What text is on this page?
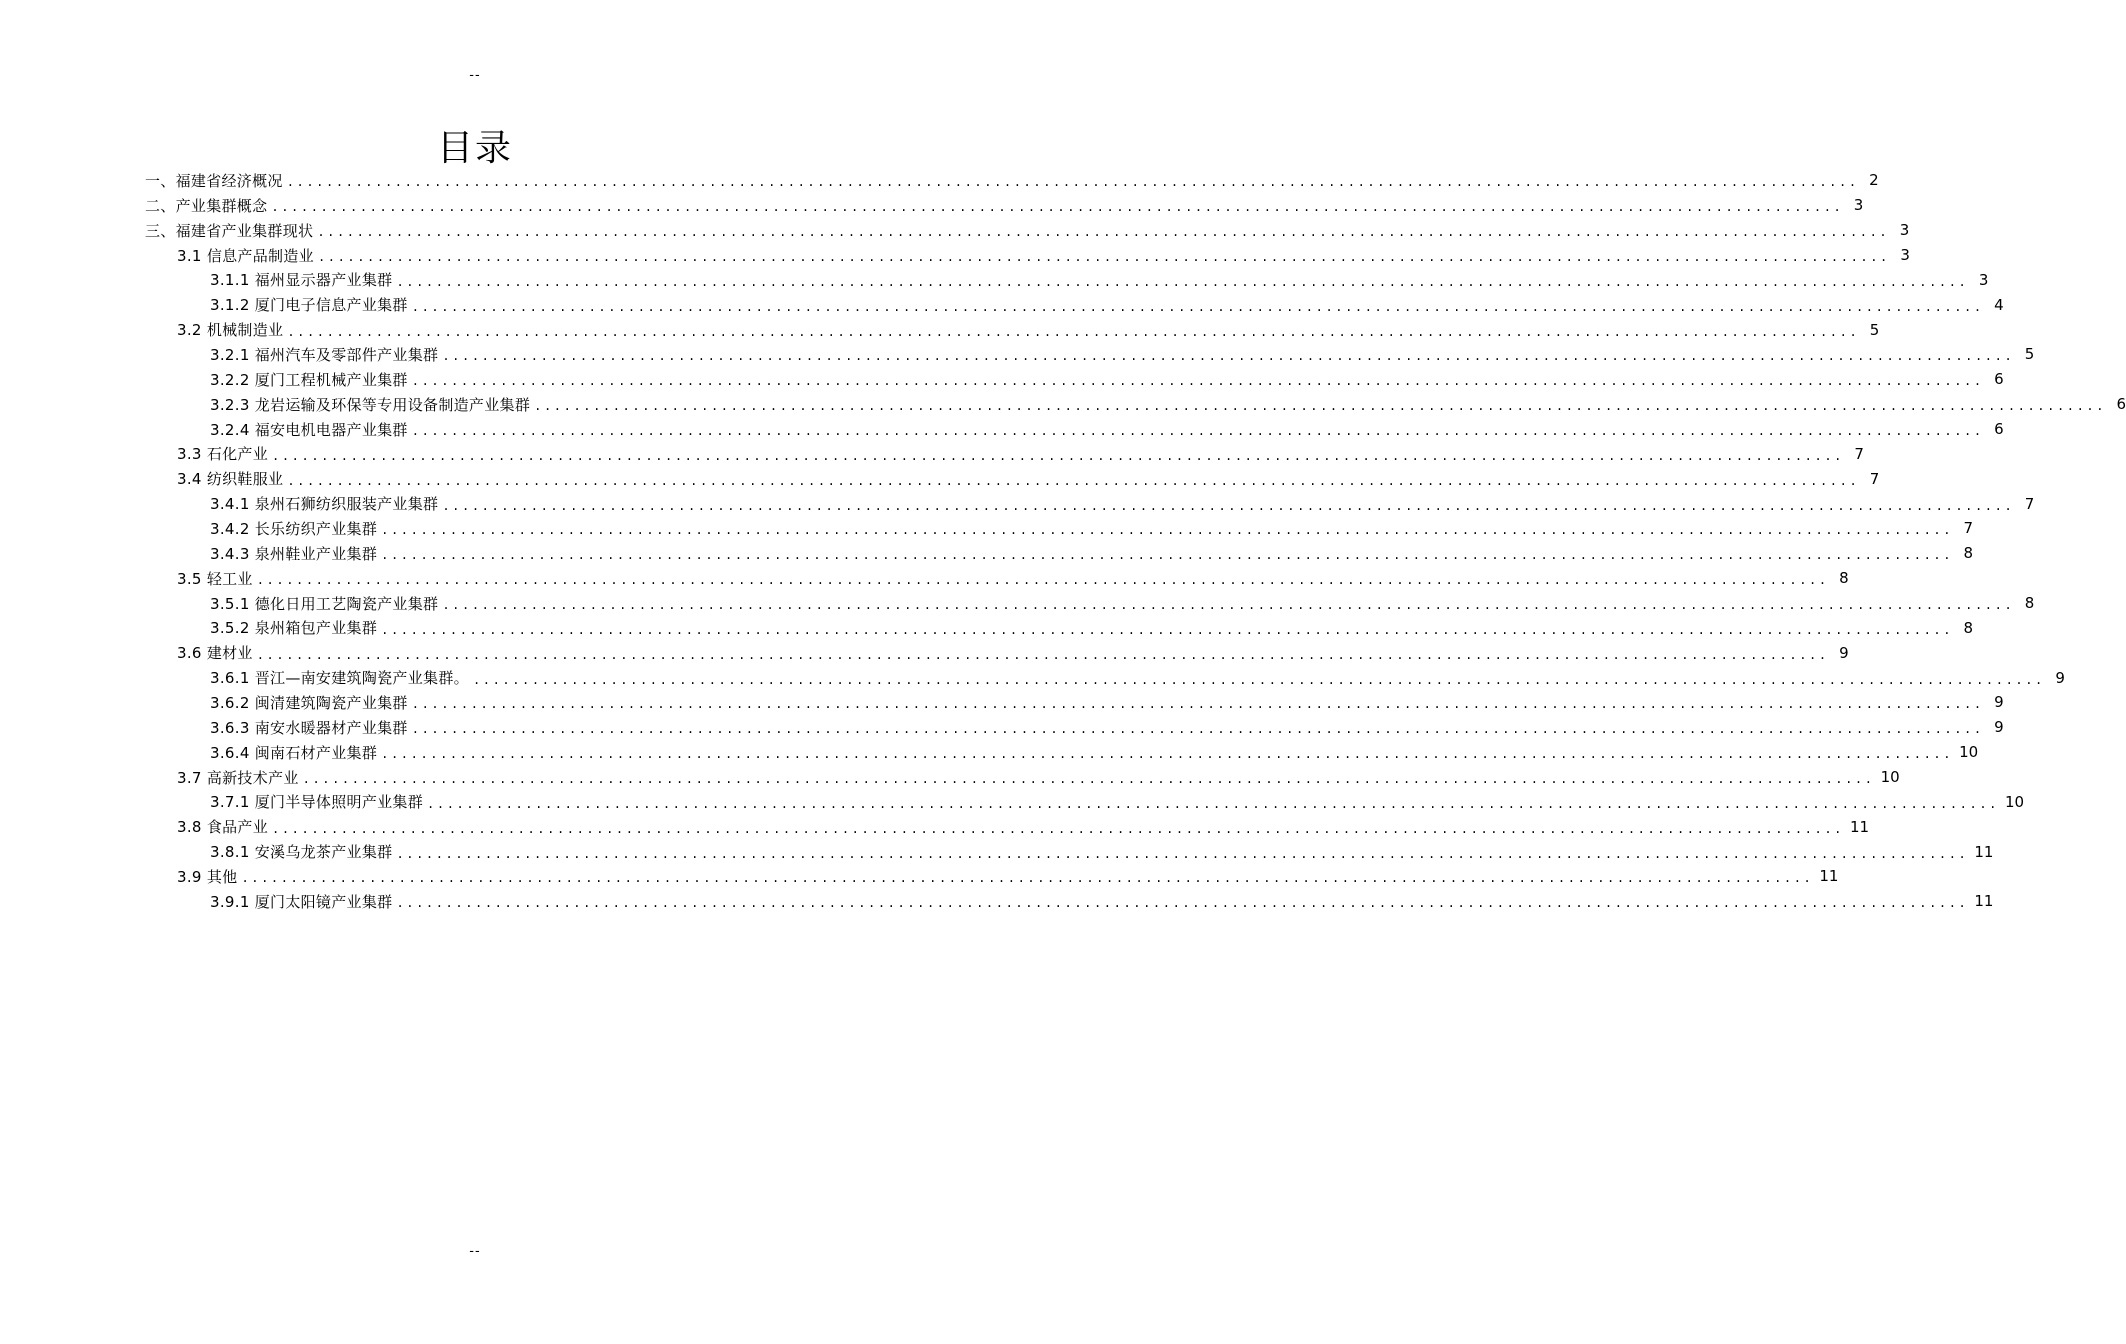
--
目录
一、福建省经济概况 ................................................................................................................................................................ 2
二、产业集群概念 ................................................................................................................................................................ 3
三、福建省产业集群现状 ................................................................................................................................................................ 3
3.1 信息产品制造业 ................................................................................................................................................................ 3
3.1.1 福州显示器产业集群 ................................................................................................................................................................ 3
3.1.2 厦门电子信息产业集群 ................................................................................................................................................................ 4
3.2 机械制造业 ................................................................................................................................................................ 5
3.2.1 福州汽车及零部件产业集群 ................................................................................................................................................................ 5
3.2.2 厦门工程机械产业集群 ................................................................................................................................................................ 6
3.2.3 龙岩运输及环保等专用设备制造产业集群 ................................................................................................................................................................ 6
3.2.4 福安电机电器产业集群 ................................................................................................................................................................ 6
3.3 石化产业 ................................................................................................................................................................ 7
3.4 纺织鞋服业 ................................................................................................................................................................ 7
3.4.1 泉州石狮纺织服装产业集群 ................................................................................................................................................................ 7
3.4.2 长乐纺织产业集群 ................................................................................................................................................................ 7
3.4.3 泉州鞋业产业集群 ................................................................................................................................................................ 8
3.5 轻工业 ................................................................................................................................................................ 8
3.5.1 德化日用工艺陶瓷产业集群 ................................................................................................................................................................ 8
3.5.2 泉州箱包产业集群 ................................................................................................................................................................ 8
3.6 建材业 ................................................................................................................................................................ 9
3.6.1 晋江—南安建筑陶瓷产业集群。 ................................................................................................................................................................ 9
3.6.2 闽清建筑陶瓷产业集群 ................................................................................................................................................................ 9
3.6.3 南安水暖器材产业集群 ................................................................................................................................................................ 9
3.6.4 闽南石材产业集群 ................................................................................................................................................................ 10
3.7 高新技术产业 ................................................................................................................................................................ 10
3.7.1 厦门半导体照明产业集群 ................................................................................................................................................................ 10
3.8 食品产业 ................................................................................................................................................................ 11
3.8.1 安溪乌龙茶产业集群 ................................................................................................................................................................ 11
3.9 其他 ................................................................................................................................................................ 11
3.9.1 厦门太阳镜产业集群 ................................................................................................................................................................ 11
--
